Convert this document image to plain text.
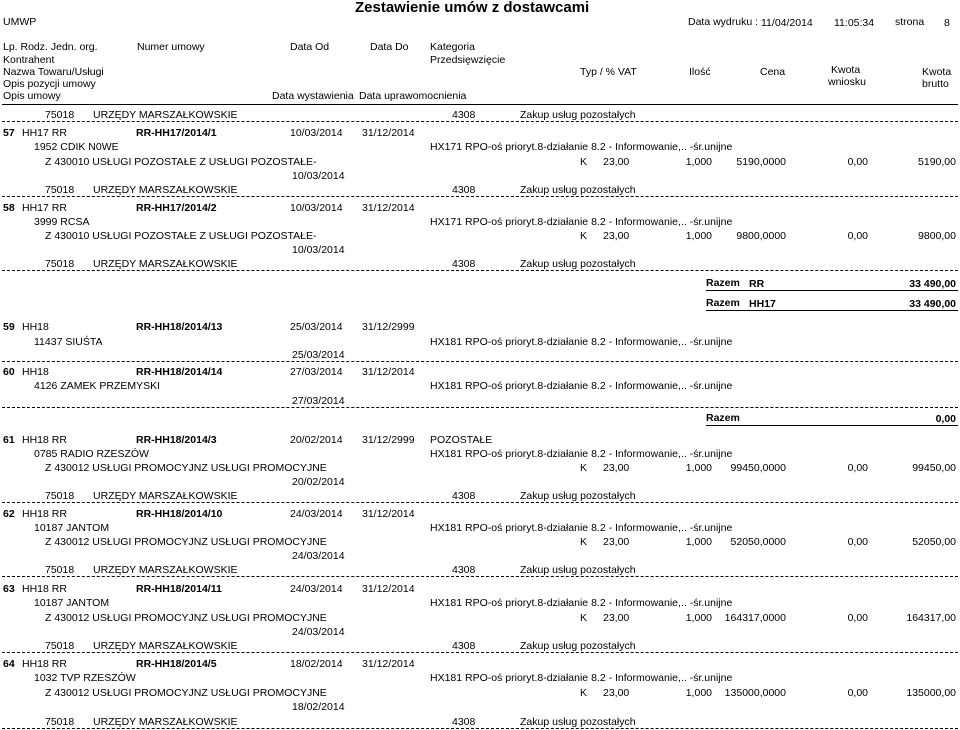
UMWP
Zestawienie umów z dostawcami
Data wydruku : 11/04/2014 11:05:34 strona 8
Lp. Rodz. Jedn. org.	Numer umowy	Data Od	Data Do Kategoria
Kontrahent	Przedsięwzięcie
Nazwa Towaru/Usługi	Typ / % VAT	Ilość	Cena	Kwota
wniosku
Kwota
brutto
Opis pozycji umowy
Opis umowy	Data wystawienia Data uprawomocnienia
75018 URZĘDY MARSZAŁKOWSKIE	4308	Zakup usług pozostałych
57 HH17 RR	RR-HH17/2014/1	10/03/2014 31/12/2014
1952 CDIK N0WE	HX171 RPO-oś prioryt.8-działanie 8.2 - Informowanie,.. -śr.unijne
Z 430010 USŁUGI POZOSTAŁE Z USŁUGI POZOSTAŁE-	K 23,00	1,000	5190,0000	0,00	5190,00
10/03/2014
75018 URZĘDY MARSZAŁKOWSKIE	4308	Zakup usług pozostałych
58 HH17 RR	RR-HH17/2014/2	10/03/2014 31/12/2014
3999 RCSA	HX171 RPO-oś prioryt.8-działanie 8.2 - Informowanie,.. -śr.unijne
Z 430010 USŁUGI POZOSTAŁE Z USŁUGI POZOSTAŁE-	K 23,00	1,000	9800,0000	0,00	9800,00
10/03/2014
75018 URZĘDY MARSZAŁKOWSKIE	4308	Zakup usług pozostałych
Razem RR	33 490,00
Razem HH17	33 490,00
59 HH18	RR-HH18/2014/13	25/03/2014 31/12/2999
11437 SIUŚTA	HX181 RPO-oś prioryt.8-działanie 8.2 - Informowanie,.. -śr.unijne
25/03/2014
60 HH18	RR-HH18/2014/14	27/03/2014 31/12/2014
4126 ZAMEK PRZEMYSKI	HX181 RPO-oś prioryt.8-działanie 8.2 - Informowanie,.. -śr.unijne
27/03/2014
Razem	0,00
61 HH18 RR	RR-HH18/2014/3	20/02/2014 31/12/2999 POZOSTAŁE
0785 RADIO RZESZÓW	HX181 RPO-oś prioryt.8-działanie 8.2 - Informowanie,.. -śr.unijne
Z 430012 USŁUGI PROMOCYJNZ USŁUGI PROMOCYJNE	K 23,00	1,000	99450,0000	0,00	99450,00
20/02/2014
75018 URZĘDY MARSZAŁKOWSKIE	4308	Zakup usług pozostałych
62 HH18 RR	RR-HH18/2014/10	24/03/2014 31/12/2014
10187 JANTOM	HX181 RPO-oś prioryt.8-działanie 8.2 - Informowanie,.. -śr.unijne
Z 430012 USŁUGI PROMOCYJNZ USŁUGI PROMOCYJNE	K 23,00	1,000	52050,0000	0,00	52050,00
24/03/2014
75018 URZĘDY MARSZAŁKOWSKIE	4308	Zakup usług pozostałych
63 HH18 RR	RR-HH18/2014/11	24/03/2014 31/12/2014
10187 JANTOM	HX181 RPO-oś prioryt.8-działanie 8.2 - Informowanie,.. -śr.unijne
Z 430012 USŁUGI PROMOCYJNZ USŁUGI PROMOCYJNE	K 23,00	1,000	164317,0000	0,00	164317,00
24/03/2014
75018 URZĘDY MARSZAŁKOWSKIE	4308	Zakup usług pozostałych
64 HH18 RR	RR-HH18/2014/5	18/02/2014 31/12/2014
1032 TVP RZESZÓW	HX181 RPO-oś prioryt.8-działanie 8.2 - Informowanie,.. -śr.unijne
Z 430012 USŁUGI PROMOCYJNZ USŁUGI PROMOCYJNE	K 23,00	1,000	135000,0000	0,00	135000,00
18/02/2014
75018 URZĘDY MARSZAŁKOWSKIE	4308	Zakup usług pozostałych
